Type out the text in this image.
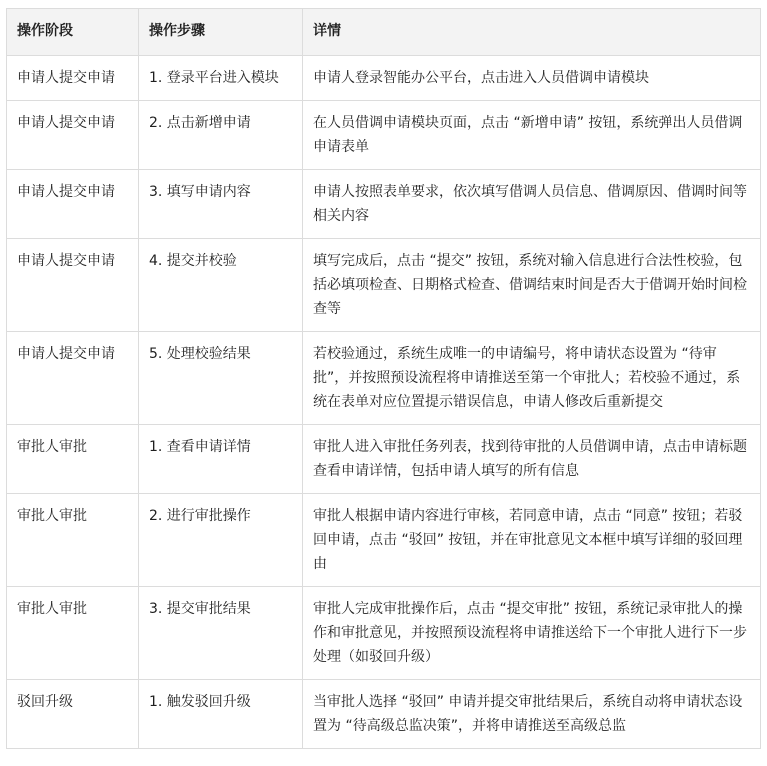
操作阶段	操作步骤	详情
申请人提交申请	1. 登录平台进入模块	申请人登录智能办公平台，点击进入人员借调申请模块
申请人提交申请	2. 点击新增申请	在人员借调申请模块页面，点击 “新增申请” 按钮，系统弹出人员借调申请表单
申请人提交申请	3. 填写申请内容	申请人按照表单要求，依次填写借调人员信息、借调原因、借调时间等相关内容
申请人提交申请	4. 提交并校验	填写完成后，点击 “提交” 按钮，系统对输入信息进行合法性校验，包括必填项检查、日期格式检查、借调结束时间是否大于借调开始时间检查等
申请人提交申请	5. 处理校验结果	若校验通过，系统生成唯一的申请编号，将申请状态设置为 “待审批”，并按照预设流程将申请推送至第一个审批人；若校验不通过，系统在表单对应位置提示错误信息，申请人修改后重新提交
审批人审批	1. 查看申请详情	审批人进入审批任务列表，找到待审批的人员借调申请，点击申请标题查看申请详情，包括申请人填写的所有信息
审批人审批	2. 进行审批操作	审批人根据申请内容进行审核，若同意申请，点击 “同意” 按钮；若驳回申请，点击 “驳回” 按钮，并在审批意见文本框中填写详细的驳回理由
审批人审批	3. 提交审批结果	审批人完成审批操作后，点击 “提交审批” 按钮，系统记录审批人的操作和审批意见，并按照预设流程将申请推送给下一个审批人进行下一步处理（如驳回升级）
驳回升级	1. 触发驳回升级	当审批人选择 “驳回” 申请并提交审批结果后，系统自动将申请状态设置为 “待高级总监决策”，并将申请推送至高级总监
